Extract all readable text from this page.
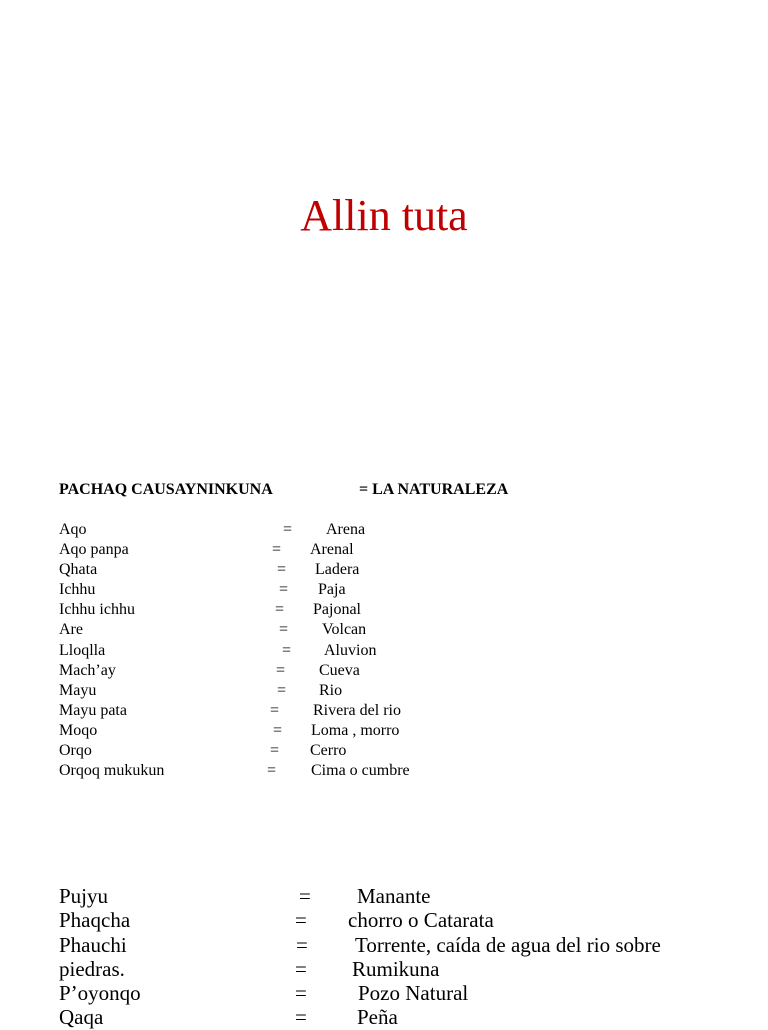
Allin tuta
PACHAQ CAUSAYNINKUNA	= LA NATURALEZA
Aqo	= Arena
Aqo panpa	= Arenal
Qhata	= Ladera
Ichhu	= Paja
Ichhu ichhu	= Pajonal
Are	= Volcan
Lloqlla	= Aluvion
Mach’ay	= Cueva
Mayu	= Rio
Mayu pata	= Rivera del rio
Moqo	= Loma , morro
Orqo	= Cerro
Orqoq mukukun	= Cima o cumbre
Pujyu	= Manante
Phaqcha	= chorro o Catarata
Phauchi	= Torrente, caída de agua del rio sobre
piedras.	= Rumikuna
P’oyonqo	= Pozo Natural
Qaqa	= Peña
